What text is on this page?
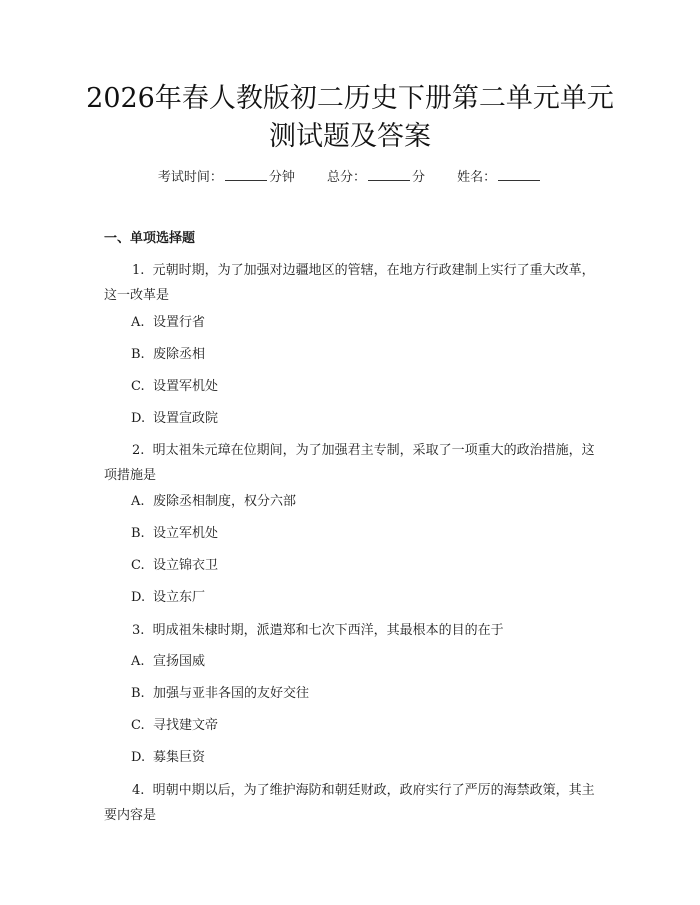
2026年春人教版初二历史下册第二单元单元
测试题及答案
考试时间：	分钟 总分：	分 姓名：
一、单项选择题

1. 元朝时期，为了加强对边疆地区的管辖，在地方行政建制上实行了重大改革，这一改革是

A. 设置行省

B. 废除丞相

C. 设置军机处

D. 设置宣政院

2. 明太祖朱元璋在位期间，为了加强君主专制，采取了一项重大的政治措施，这项措施是

A. 废除丞相制度，权分六部

B. 设立军机处

C. 设立锦衣卫

D. 设立东厂

3. 明成祖朱棣时期，派遣郑和七次下西洋，其最根本的目的在于

A. 宣扬国威

B. 加强与亚非各国的友好交往

C. 寻找建文帝

D. 募集巨资

4. 明朝中期以后，为了维护海防和朝廷财政，政府实行了严厉的海禁政策，其主要内容是
